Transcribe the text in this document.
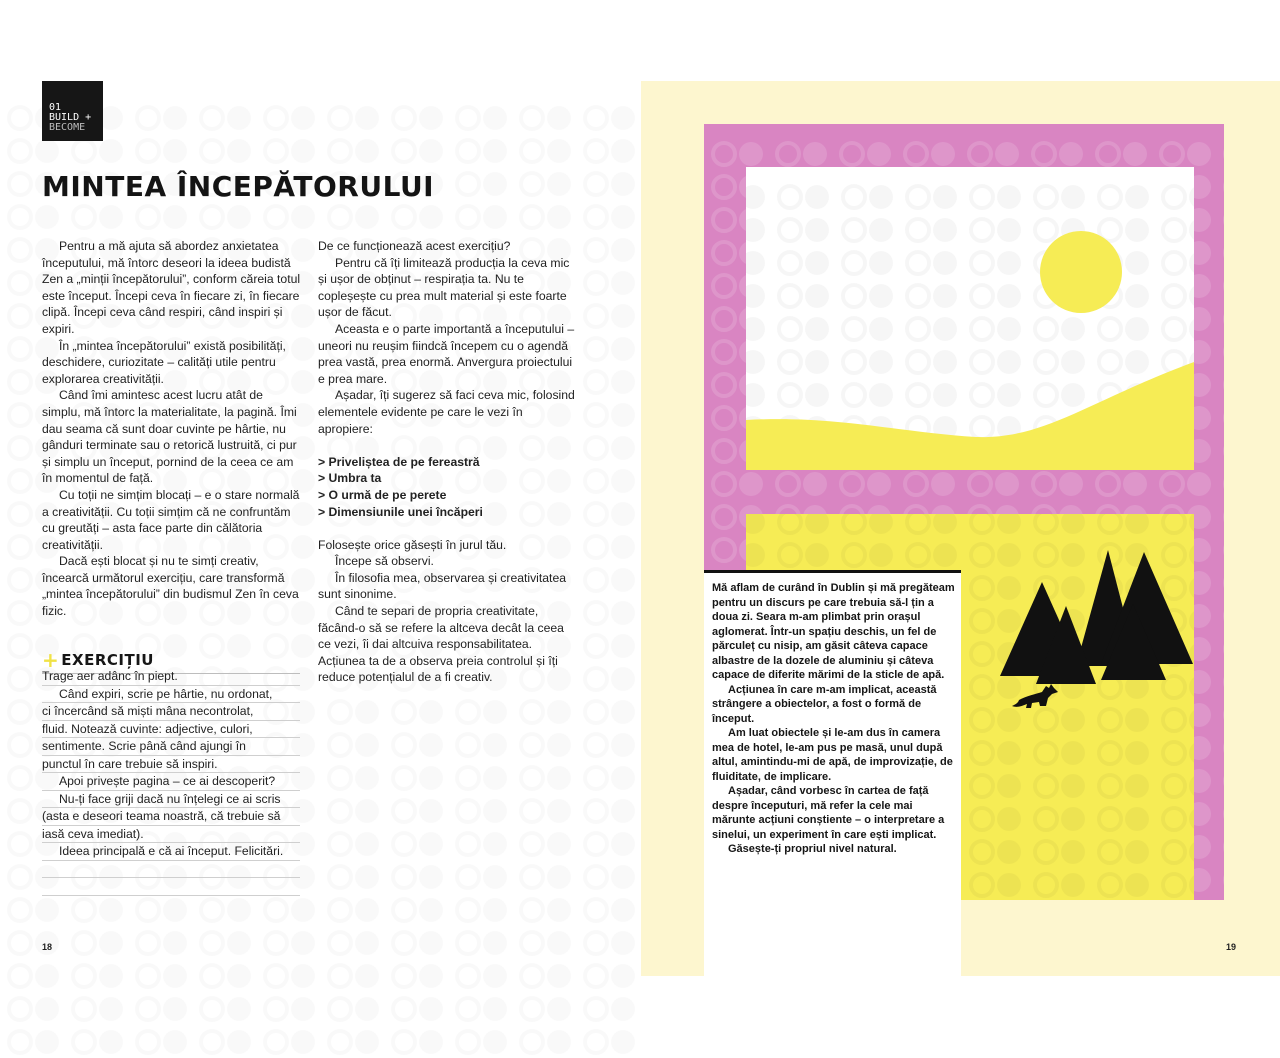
01
BUILD +
BECOME
MINTEA ÎNCEPĂTORULUI

Pentru a mă ajuta să abordez anxietatea începutului, mă întorc deseori la ideea budistă Zen a „minții începătorului”, conform căreia totul este început. Începi ceva în fiecare zi, în fiecare clipă. Începi ceva când respiri, când inspiri și expiri.

În „mintea începătorului” există posibilități, deschidere, curiozitate – calități utile pentru explorarea creativității.

Când îmi amintesc acest lucru atât de simplu, mă întorc la materialitate, la pagină. Îmi dau seama că sunt doar cuvinte pe hârtie, nu gânduri terminate sau o retorică lustruită, ci pur și simplu un început, pornind de la ceea ce am în momentul de față.

Cu toții ne simțim blocați – e o stare normală a creativității. Cu toții simțim că ne confruntăm cu greutăți – asta face parte din călătoria creativității.

Dacă ești blocat și nu te simți creativ, încearcă următorul exercițiu, care transformă „mintea începătorului” din budismul Zen în ceva fizic.

De ce funcționează acest exercițiu?

Pentru că îți limitează producția la ceva mic și ușor de obținut – respirația ta. Nu te copleșește cu prea mult material și este foarte ușor de făcut.

Aceasta e o parte importantă a începutului – uneori nu reușim fiindcă începem cu o agendă prea vastă, prea enormă. Anvergura proiectului e prea mare.

Așadar, îți sugerez să faci ceva mic, folosind elementele evidente pe care le vezi în apropiere:

> Priveliștea de pe fereastră

> Umbra ta

> O urmă de pe perete

> Dimensiunile unei încăperi

Folosește orice găsești în jurul tău.

Începe să observi.

În filosofia mea, observarea și creativitatea sunt sinonime.

Când te separi de propria creativitate, făcând-o să se refere la altceva decât la ceea ce vezi, îi dai altcuiva responsabilitatea. Acțiunea ta de a observa preia controlul și îți reduce potențialul de a fi creativ.

+ EXERCIȚIU
Trage aer adânc în piept.
Când expiri, scrie pe hârtie, nu ordonat,
ci încercând să miști mâna necontrolat,
fluid. Notează cuvinte: adjective, culori,
sentimente. Scrie până când ajungi în
punctul în care trebuie să inspiri.
Apoi privește pagina – ce ai descoperit?
Nu-ți face griji dacă nu înțelegi ce ai scris
(asta e deseori teama noastră, că trebuie să
iasă ceva imediat).
Ideea principală e că ai început. Felicitări.
18

Mă aflam de curând în Dublin și mă pregăteam pentru un discurs pe care trebuia să-l țin a doua zi. Seara m-am plimbat prin orașul aglomerat. Într-un spațiu deschis, un fel de părculeț cu nisip, am găsit câteva capace albastre de la dozele de aluminiu și câteva capace de diferite mărimi de la sticle de apă.

Acțiunea în care m-am implicat, această strângere a obiectelor, a fost o formă de început.

Am luat obiectele și le-am dus în camera mea de hotel, le-am pus pe masă, unul după altul, amintindu-mi de apă, de improvizație, de fluiditate, de implicare.

Așadar, când vorbesc în cartea de față despre începuturi, mă refer la cele mai mărunte acțiuni conștiente – o interpretare a sinelui, un experiment în care ești implicat.

Găsește-ți propriul nivel natural.

19
